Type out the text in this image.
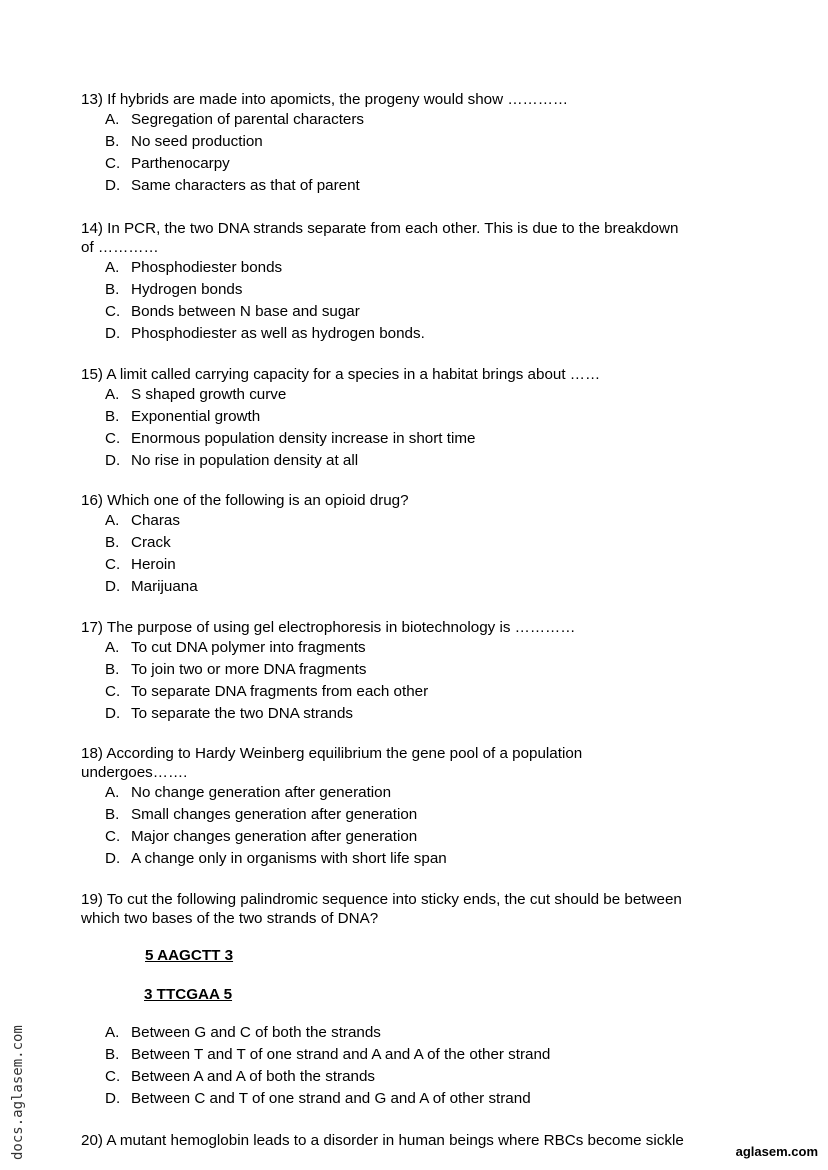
13) If hybrids are made into apomicts, the progeny would show …………

A. Segregation of parental characters
B. No seed production
C. Parthenocarpy
D. Same characters as that of parent

14) In PCR, the two DNA strands separate from each other. This is due to the breakdown

of …………

A. Phosphodiester bonds
B. Hydrogen bonds
C. Bonds between N base and sugar
D. Phosphodiester as well as hydrogen bonds.

15) A limit called carrying capacity for a species in a habitat brings about ……

A. S shaped growth curve
B. Exponential growth
C. Enormous population density increase in short time
D. No rise in population density at all

16) Which one of the following is an opioid drug?

A. Charas
B. Crack
C. Heroin
D. Marijuana

17) The purpose of using gel electrophoresis in biotechnology is …………

A. To cut DNA polymer into fragments
B. To join two or more DNA fragments
C. To separate DNA fragments from each other
D. To separate the two DNA strands

18) According to Hardy Weinberg equilibrium the gene pool of a population

undergoes…….

A. No change generation after generation
B. Small changes generation after generation
C. Major changes generation after generation
D. A change only in organisms with short life span

19) To cut the following palindromic sequence into sticky ends, the cut should be between

which two bases of the two strands of DNA?

5 AAGCTT 3
3 TTCGAA 5
A. Between G and C of both the strands
B. Between T and T of one strand and A and A of the other strand
C. Between A and A of both the strands
D. Between C and T of one strand and G and A of other strand

20) A mutant hemoglobin leads to a disorder in human beings where RBCs become sickle

docs.aglasem.com	aglasem.com
